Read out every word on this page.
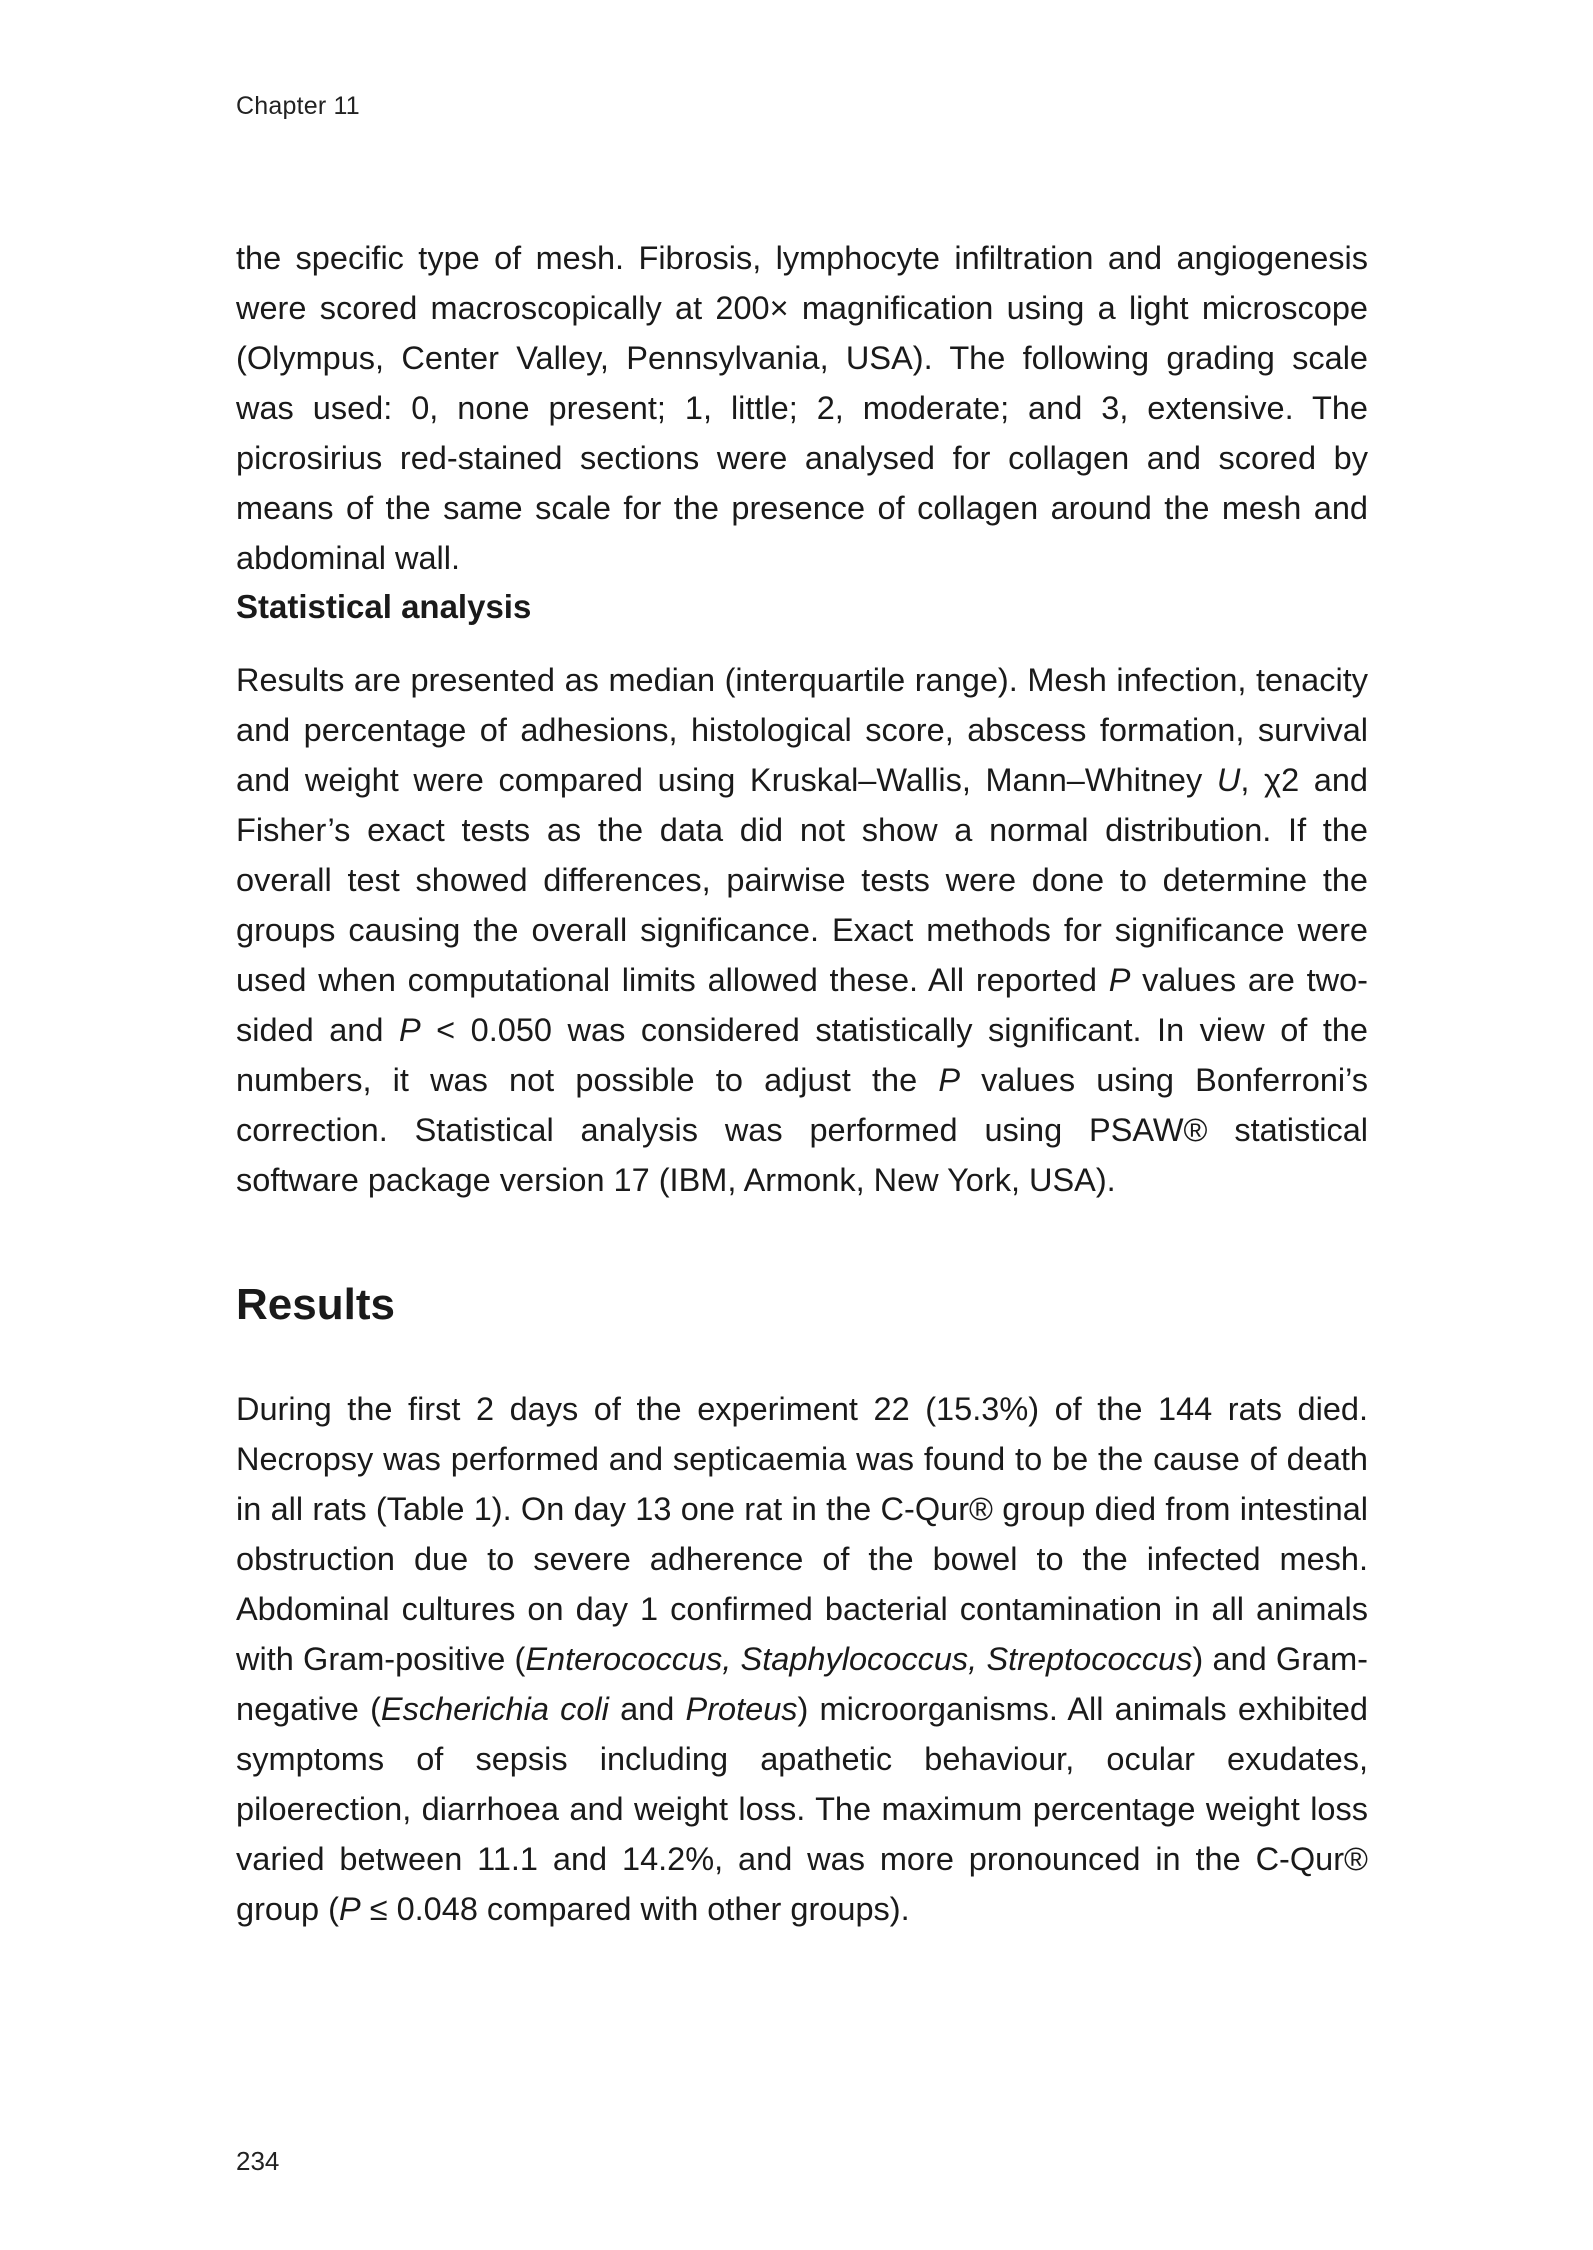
Chapter 11

the specific type of mesh. Fibrosis, lymphocyte infiltration and angiogenesis were scored macroscopically at 200× magnification using a light microscope (Olympus, Center Valley, Pennsylvania, USA). The following grading scale was used: 0, none present; 1, little; 2, moderate; and 3, extensive. The picrosirius red-stained sections were analysed for collagen and scored by means of the same scale for the presence of collagen around the mesh and abdominal wall.

Statistical analysis

Results are presented as median (interquartile range). Mesh infection, tenacity and percentage of adhesions, histological score, abscess formation, survival and weight were compared using Kruskal–Wallis, Mann–Whitney U, χ2 and Fisher’s exact tests as the data did not show a normal distribution. If the overall test showed differences, pairwise tests were done to determine the groups causing the overall significance. Exact methods for significance were used when computational limits allowed these. All reported P values are two-sided and P < 0.050 was considered statistically significant. In view of the numbers, it was not possible to adjust the P values using Bonferroni’s correction. Statistical analysis was performed using PSAW® statistical software package version 17 (IBM, Armonk, New York, USA).

Results

During the first 2 days of the experiment 22 (15.3%) of the 144 rats died. Necropsy was performed and septicaemia was found to be the cause of death in all rats (Table 1). On day 13 one rat in the C-Qur® group died from intestinal obstruction due to severe adherence of the bowel to the infected mesh. Abdominal cultures on day 1 confirmed bacterial contamination in all animals with Gram-positive (Enterococcus, Staphylococcus, Streptococcus) and Gram-negative (Escherichia coli and Proteus) microorganisms. All animals exhibited symptoms of sepsis including apathetic behaviour, ocular exudates, piloerection, diarrhoea and weight loss. The maximum percentage weight loss varied between 11.1 and 14.2%, and was more pronounced in the C-Qur® group (P ≤ 0.048 compared with other groups).

234
